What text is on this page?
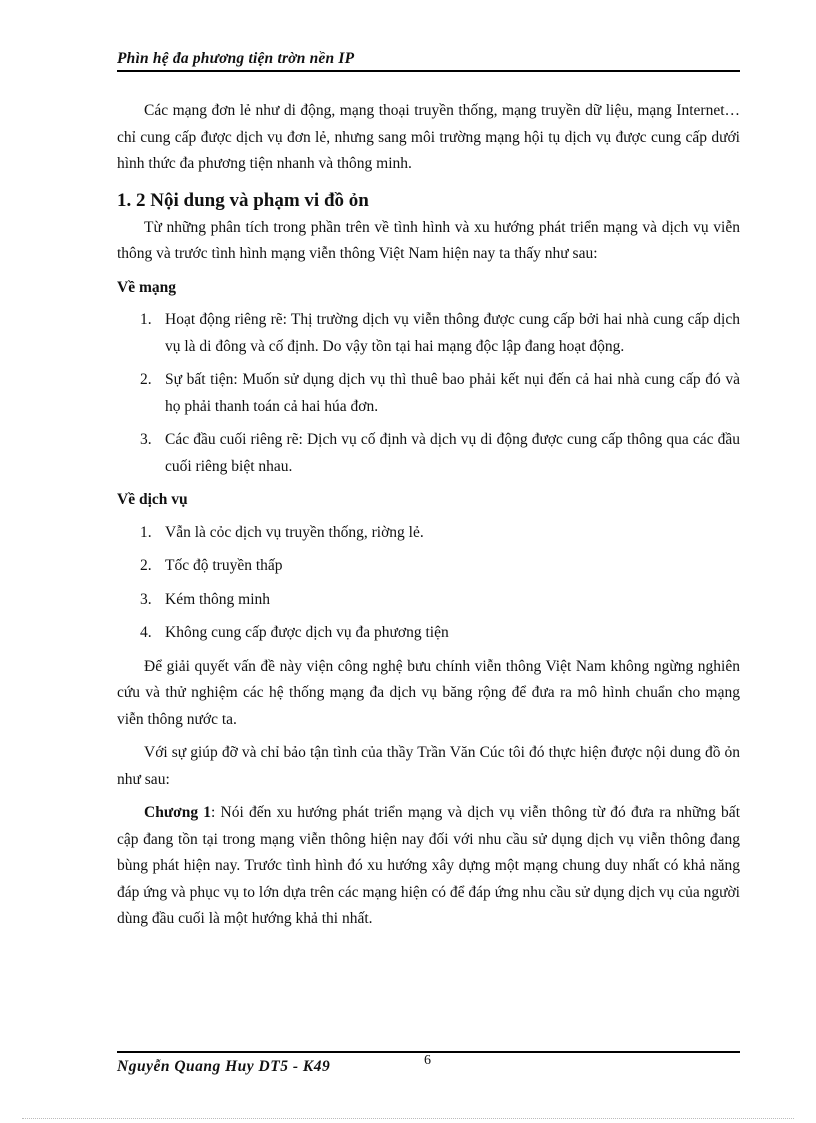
Phìn hệ đa phương tiện trờn nền IP

Các mạng đơn lẻ như di động, mạng thoại truyền thống, mạng truyền dữ liệu, mạng Internet… chỉ cung cấp được dịch vụ đơn lẻ, nhưng sang môi trường mạng hội tụ dịch vụ được cung cấp dưới hình thức đa phương tiện nhanh và thông minh.

1. 2 Nội dung và phạm vi đồ ỏn

Từ những phân tích trong phần trên về tình hình và xu hướng phát triển mạng và dịch vụ viễn thông và trước tình hình mạng viễn thông Việt Nam hiện nay ta thấy như sau:

Về mạng
1. Hoạt động riêng rẽ: Thị trường dịch vụ viễn thông được cung cấp bởi hai nhà cung cấp dịch vụ là di đông và cố định. Do vậy tồn tại hai mạng độc lập đang hoạt động.
2. Sự bất tiện: Muốn sử dụng dịch vụ thì thuê bao phải kết nụi đến cả hai nhà cung cấp đó và họ phải thanh toán cả hai húa đơn.
3. Các đầu cuối riêng rẽ: Dịch vụ cố định và dịch vụ di động được cung cấp thông qua các đầu cuối riêng biệt nhau.
Về dịch vụ
1. Vẫn là cỏc dịch vụ truyền thống, riờng lẻ.
2. Tốc độ truyền thấp
3. Kém thông minh
4. Không cung cấp được dịch vụ đa phương tiện

Để giải quyết vấn đề này viện công nghệ bưu chính viễn thông Việt Nam không ngừng nghiên cứu và thử nghiệm các hệ thống mạng đa dịch vụ băng rộng để đưa ra mô hình chuẩn cho mạng viễn thông nước ta.

Với sự giúp đỡ và chỉ bảo tận tình của thầy Trần Văn Cúc tôi đó thực hiện được nội dung đồ ỏn như sau:

Chương 1: Nói đến xu hướng phát triển mạng và dịch vụ viễn thông từ đó đưa ra những bất cập đang tồn tại trong mạng viễn thông hiện nay đối với nhu cầu sử dụng dịch vụ viễn thông đang bùng phát hiện nay. Trước tình hình đó xu hướng xây dựng một mạng chung duy nhất có khả năng đáp ứng và phục vụ to lớn dựa trên các mạng hiện có để đáp ứng nhu cầu sử dụng dịch vụ của người dùng đầu cuối là một hướng khả thi nhất.

Nguyễn Quang Huy DT5 - K49	6
